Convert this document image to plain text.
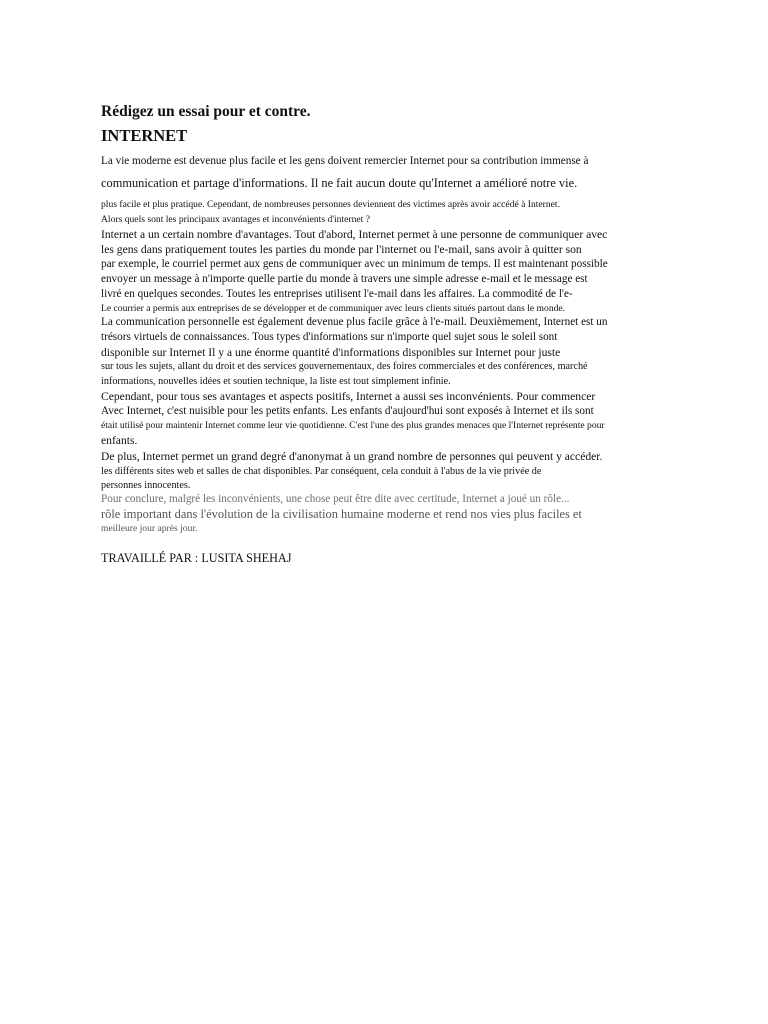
Rédigez un essai pour et contre.
INTERNET
La vie moderne est devenue plus facile et les gens doivent remercier Internet pour sa contribution immense à
communication et partage d'informations. Il ne fait aucun doute qu'Internet a amélioré notre vie.
plus facile et plus pratique. Cependant, de nombreuses personnes deviennent des victimes après avoir accédé à Internet.
Alors quels sont les principaux avantages et inconvénients d'internet ?
Internet a un certain nombre d'avantages. Tout d'abord, Internet permet à une personne de communiquer avec
les gens dans pratiquement toutes les parties du monde par l'internet ou l'e-mail, sans avoir à quitter son
par exemple, le courriel permet aux gens de communiquer avec un minimum de temps. Il est maintenant possible
envoyer un message à n'importe quelle partie du monde à travers une simple adresse e-mail et le message est
livré en quelques secondes. Toutes les entreprises utilisent l'e-mail dans les affaires. La commodité de l'e-
Le courrier a permis aux entreprises de se développer et de communiquer avec leurs clients situés partout dans le monde.
La communication personnelle est également devenue plus facile grâce à l'e-mail. Deuxièmement, Internet est un
trésors virtuels de connaissances. Tous types d'informations sur n'importe quel sujet sous le soleil sont
disponible sur Internet Il y a une énorme quantité d'informations disponibles sur Internet pour juste
sur tous les sujets, allant du droit et des services gouvernementaux, des foires commerciales et des conférences, marché
informations, nouvelles idées et soutien technique, la liste est tout simplement infinie.
Cependant, pour tous ses avantages et aspects positifs, Internet a aussi ses inconvénients. Pour commencer
Avec Internet, c'est nuisible pour les petits enfants. Les enfants d'aujourd'hui sont exposés à Internet et ils sont
était utilisé pour maintenir Internet comme leur vie quotidienne. C'est l'une des plus grandes menaces que l'Internet représente pour
enfants.
De plus, Internet permet un grand degré d'anonymat à un grand nombre de personnes qui peuvent y accéder.
les différents sites web et salles de chat disponibles. Par conséquent, cela conduit à l'abus de la vie privée de
personnes innocentes.
Pour conclure, malgré les inconvénients, une chose peut être dite avec certitude, Internet a joué un rôle...
rôle important dans l'évolution de la civilisation humaine moderne et rend nos vies plus faciles et
meilleure jour après jour.
TRAVAILLÉ PAR : LUSITA SHEHAJ
